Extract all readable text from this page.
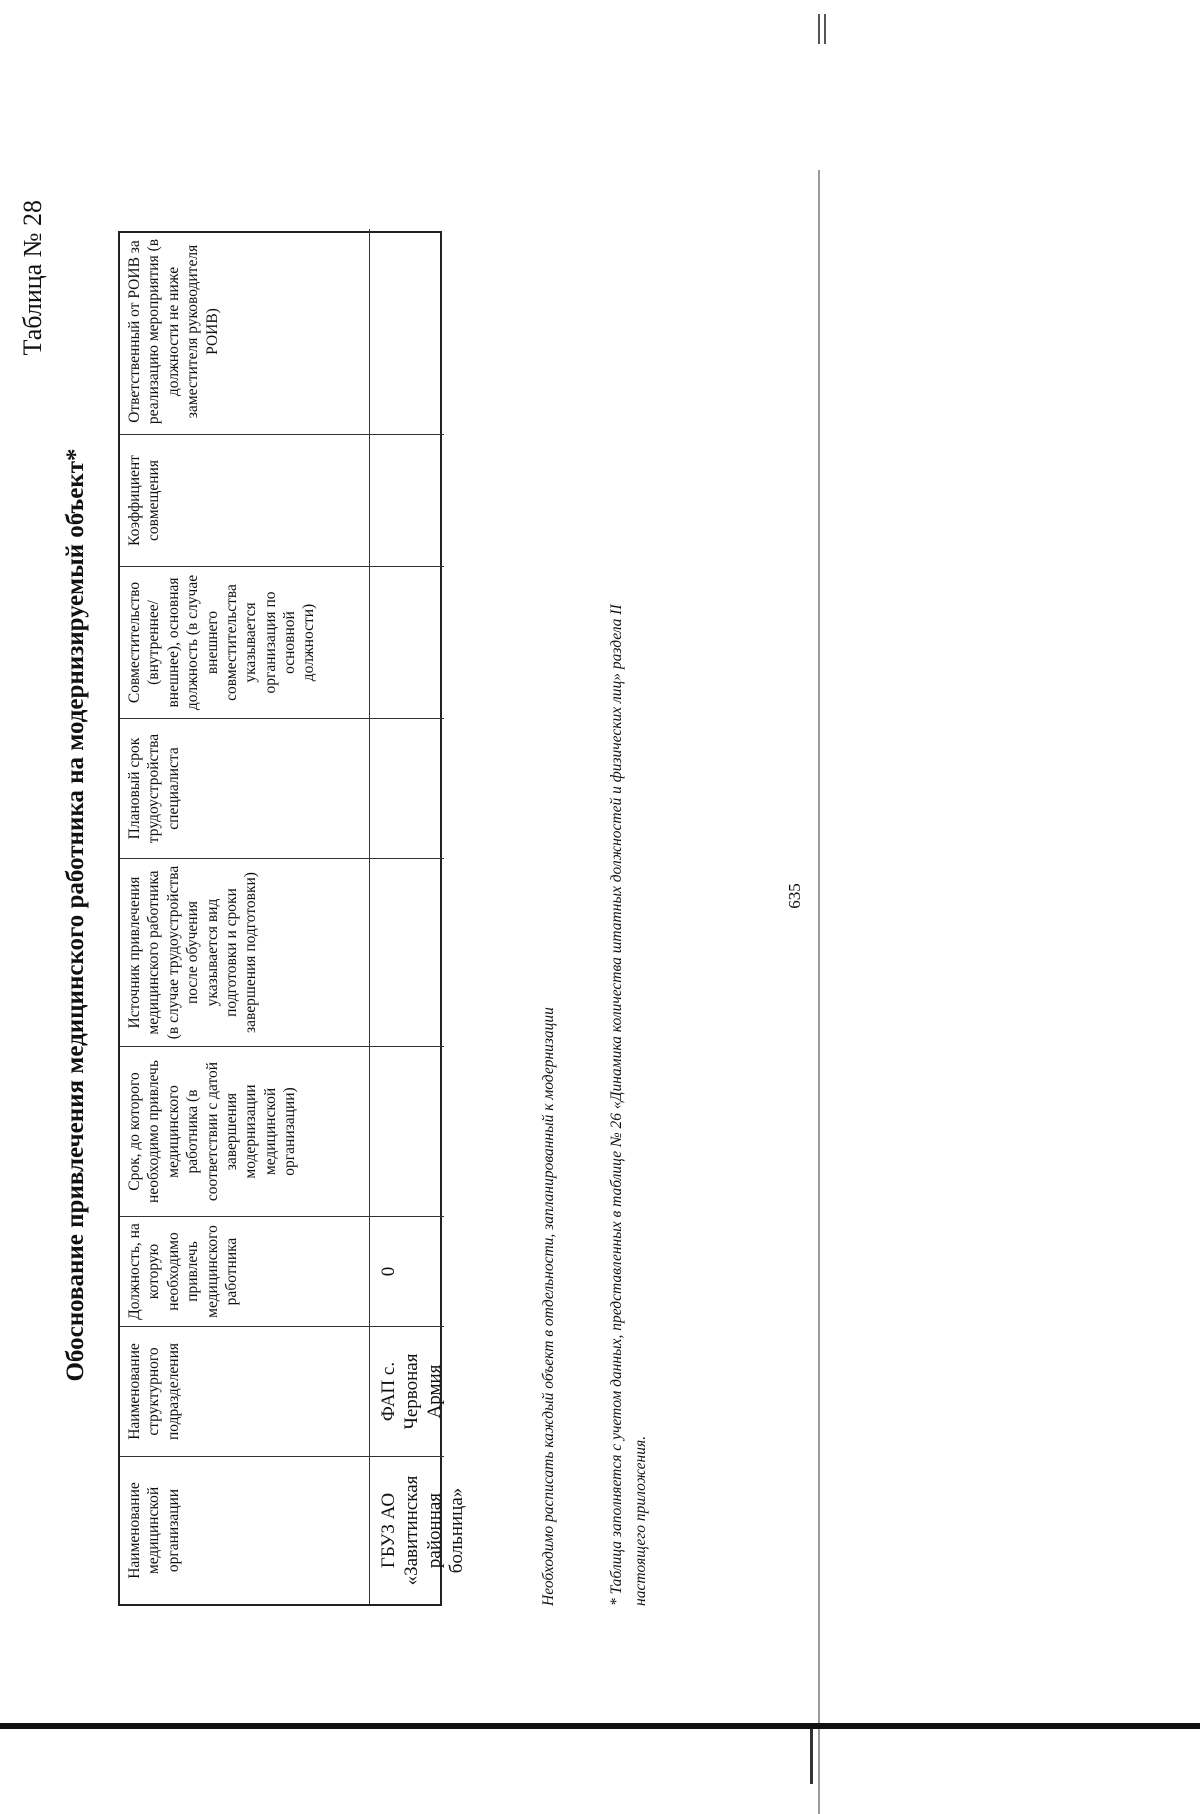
635
Таблица № 28
Обоснование привлечения медицинского работника на модернизируемый объект*
Наименование медицинской организации
Наименование структурного подразделения
Должность, на которую необходимо привлечь медицинского работника
Срок, до которого необходимо привлечь медицинского работника (в соответствии с датой завершения модернизации медицинской организации)
Источник привлечения медицинского работника (в случае трудоустройства после обучения указывается вид подготовки и сроки завершения подготовки)
Плановый срок трудоустройства специалиста
Совместительство (внутреннее/ внешнее), основная должность (в случае внешнего совместительства указывается организация по основной должности)
Коэффициент совмещения
Ответственный от РОИВ за реализацию мероприятия (в должности не ниже заместителя руководителя РОИВ)
ГБУЗ АО «Завитинская районная больница»
ФАП с. Червоная Армия
0	Необходимо расписать каждый объект в отдельности, запланированный к модернизации	* Таблица заполняется с учетом данных, представленных в таблице № 26 «Динамика количества штатных должностей и физических лиц» раздела II настоящего приложения.
